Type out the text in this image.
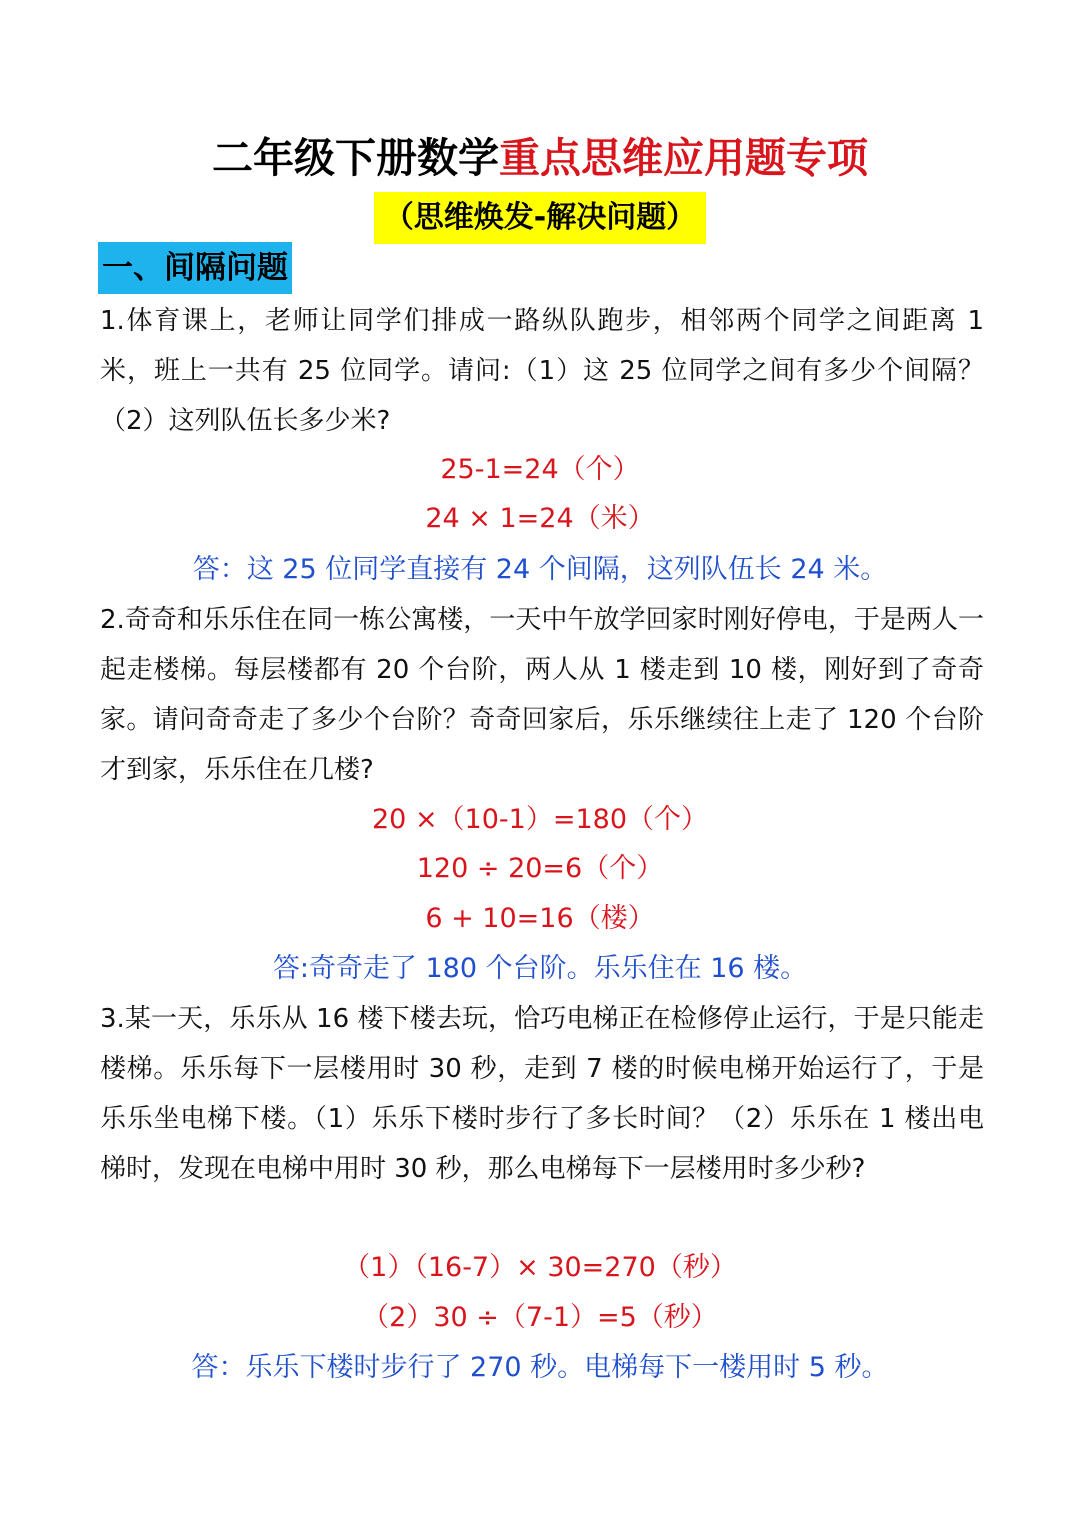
二年级下册数学重点思维应用题专项
（思维焕发-解决问题）
一、间隔问题
1.体育课上，老师让同学们排成一路纵队跑步，相邻两个同学之间距离 1 米，班上一共有 25 位同学。请问:（1）这 25 位同学之间有多少个间隔？（2）这列队伍长多少米?
25-1=24（个）
24 × 1=24（米）
答：这 25 位同学直接有 24 个间隔，这列队伍长 24 米。
2.奇奇和乐乐住在同一栋公寓楼，一天中午放学回家时刚好停电，于是两人一起走楼梯。每层楼都有 20 个台阶，两人从 1 楼走到 10 楼，刚好到了奇奇家。请问奇奇走了多少个台阶？奇奇回家后，乐乐继续往上走了 120 个台阶才到家，乐乐住在几楼?
20 ×（10-1）=180（个）
120 ÷ 20=6（个）
6 + 10=16（楼）
答:奇奇走了 180 个台阶。乐乐住在 16 楼。
3.某一天，乐乐从 16 楼下楼去玩，恰巧电梯正在检修停止运行，于是只能走楼梯。乐乐每下一层楼用时 30 秒，走到 7 楼的时候电梯开始运行了，于是乐乐坐电梯下楼。（1）乐乐下楼时步行了多长时间？（2）乐乐在 1 楼出电梯时，发现在电梯中用时 30 秒，那么电梯每下一层楼用时多少秒?
（1）（16-7）× 30=270（秒）
（2）30 ÷（7-1）=5（秒）
答：乐乐下楼时步行了 270 秒。电梯每下一楼用时 5 秒。
